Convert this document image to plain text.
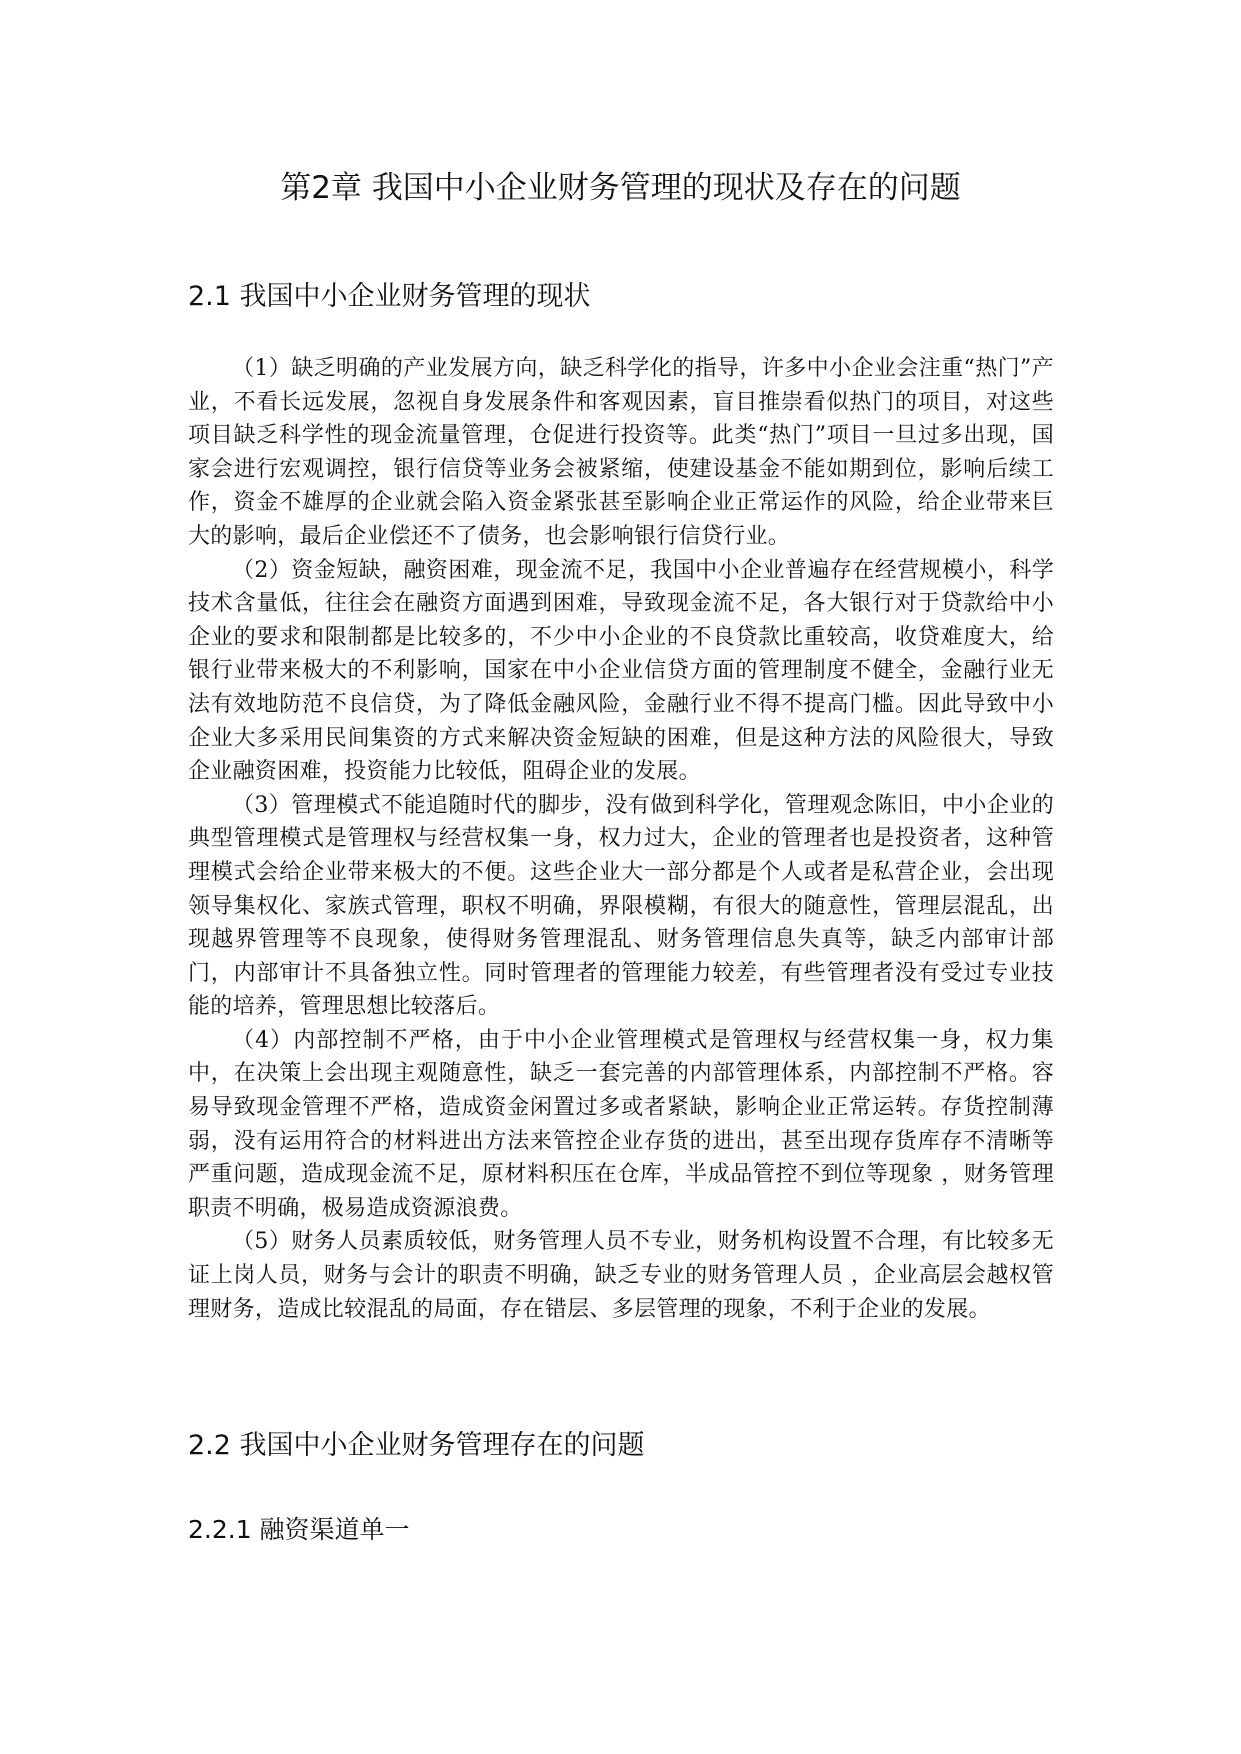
第2章 我国中小企业财务管理的现状及存在的问题
2.1 我国中小企业财务管理的现状

（1）缺乏明确的产业发展方向，缺乏科学化的指导，许多中小企业会注重“热门”产业，不看长远发展，忽视自身发展条件和客观因素，盲目推崇看似热门的项目，对这些项目缺乏科学性的现金流量管理，仓促进行投资等。此类“热门”项目一旦过多出现，国家会进行宏观调控，银行信贷等业务会被紧缩，使建设基金不能如期到位，影响后续工作，资金不雄厚的企业就会陷入资金紧张甚至影响企业正常运作的风险，给企业带来巨大的影响，最后企业偿还不了债务，也会影响银行信贷行业。

（2）资金短缺，融资困难，现金流不足，我国中小企业普遍存在经营规模小，科学技术含量低，往往会在融资方面遇到困难，导致现金流不足，各大银行对于贷款给中小企业的要求和限制都是比较多的，不少中小企业的不良贷款比重较高，收贷难度大，给银行业带来极大的不利影响，国家在中小企业信贷方面的管理制度不健全，金融行业无法有效地防范不良信贷，为了降低金融风险，金融行业不得不提高门槛。因此导致中小企业大多采用民间集资的方式来解决资金短缺的困难，但是这种方法的风险很大，导致企业融资困难，投资能力比较低，阻碍企业的发展。

（3）管理模式不能追随时代的脚步，没有做到科学化，管理观念陈旧，中小企业的典型管理模式是管理权与经营权集一身，权力过大，企业的管理者也是投资者，这种管理模式会给企业带来极大的不便。这些企业大一部分都是个人或者是私营企业，会出现领导集权化、家族式管理，职权不明确，界限模糊，有很大的随意性，管理层混乱，出现越界管理等不良现象，使得财务管理混乱、财务管理信息失真等，缺乏内部审计部门，内部审计不具备独立性。同时管理者的管理能力较差，有些管理者没有受过专业技能的培养，管理思想比较落后。

（4）内部控制不严格，由于中小企业管理模式是管理权与经营权集一身，权力集中，在决策上会出现主观随意性，缺乏一套完善的内部管理体系，内部控制不严格。容易导致现金管理不严格，造成资金闲置过多或者紧缺，影响企业正常运转。存货控制薄弱，没有运用符合的材料进出方法来管控企业存货的进出，甚至出现存货库存不清晰等严重问题，造成现金流不足，原材料积压在仓库，半成品管控不到位等现象 ，财务管理职责不明确，极易造成资源浪费。

（5）财务人员素质较低，财务管理人员不专业，财务机构设置不合理，有比较多无证上岗人员，财务与会计的职责不明确，缺乏专业的财务管理人员 ，企业高层会越权管理财务，造成比较混乱的局面，存在错层、多层管理的现象，不利于企业的发展。

2.2 我国中小企业财务管理存在的问题
2.2.1 融资渠道单一
